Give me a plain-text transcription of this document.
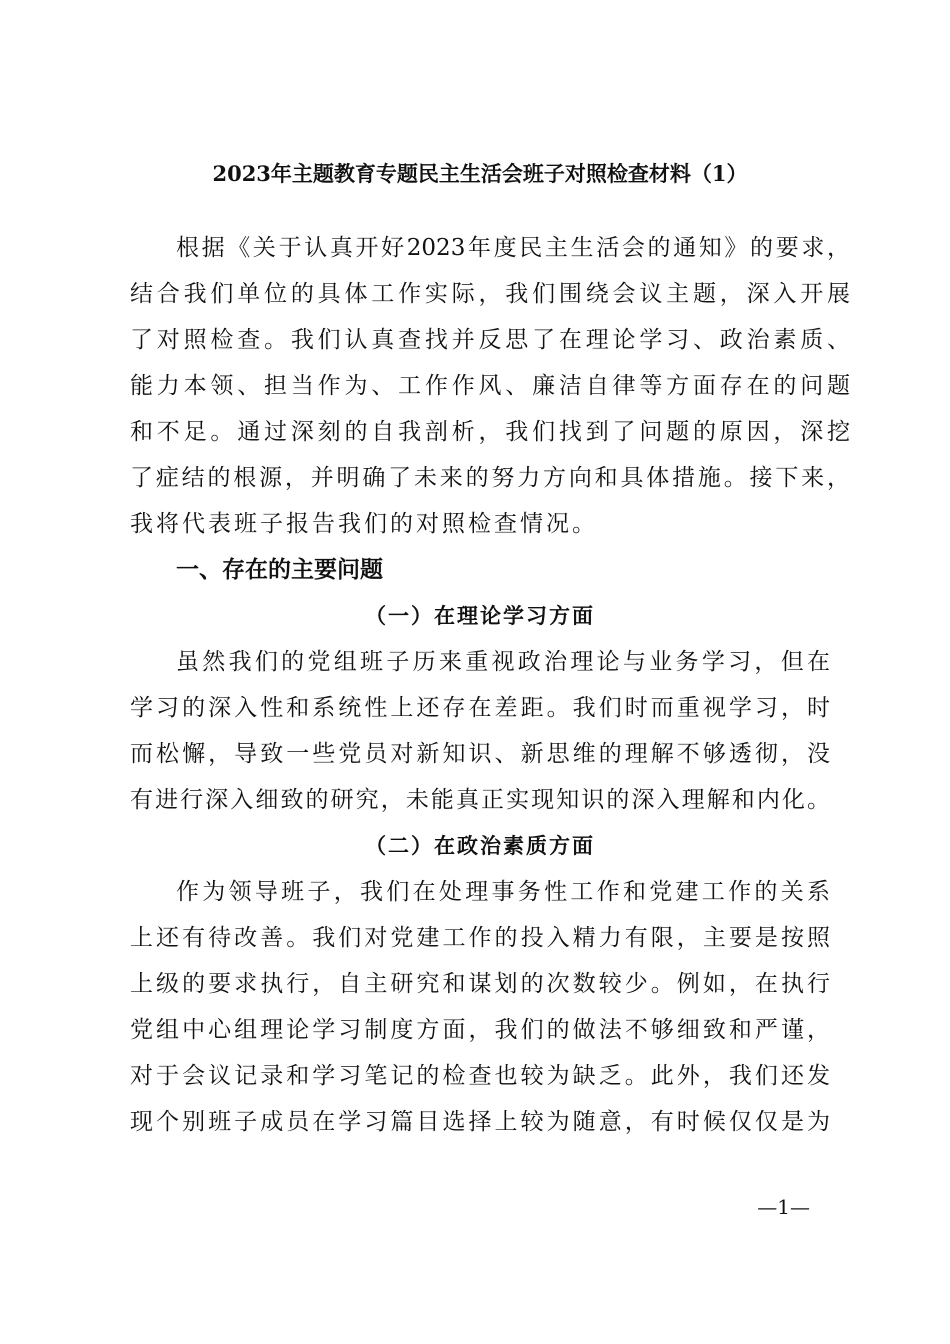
2023年主题教育专题民主生活会班子对照检查材料（1）
根据《关于认真开好2023年度民主生活会的通知》的要求，
结合我们单位的具体工作实际，我们围绕会议主题，深入开展
了对照检查。我们认真查找并反思了在理论学习、政治素质、
能力本领、担当作为、工作作风、廉洁自律等方面存在的问题
和不足。通过深刻的自我剖析，我们找到了问题的原因，深挖
了症结的根源，并明确了未来的努力方向和具体措施。接下来，
我将代表班子报告我们的对照检查情况。
一、存在的主要问题
（一）在理论学习方面
虽然我们的党组班子历来重视政治理论与业务学习，但在
学习的深入性和系统性上还存在差距。我们时而重视学习，时
而松懈，导致一些党员对新知识、新思维的理解不够透彻，没
有进行深入细致的研究，未能真正实现知识的深入理解和内化。
（二）在政治素质方面
作为领导班子，我们在处理事务性工作和党建工作的关系
上还有待改善。我们对党建工作的投入精力有限，主要是按照
上级的要求执行，自主研究和谋划的次数较少。例如，在执行
党组中心组理论学习制度方面，我们的做法不够细致和严谨，
对于会议记录和学习笔记的检查也较为缺乏。此外，我们还发
现个别班子成员在学习篇目选择上较为随意，有时候仅仅是为
—1—
